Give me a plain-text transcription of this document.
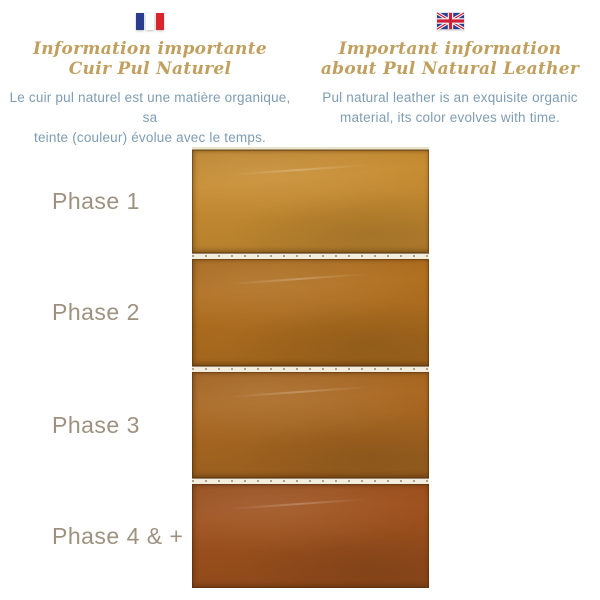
Information importante
Cuir Pul Naturel

Le cuir pul naturel est une matière organique, sa
teinte (couleur) évolue avec le temps.

Important information
about Pul Natural Leather

Pul natural leather is an exquisite organic
material, its color evolves with time.

Phase 1
Phase 2
Phase 3
Phase 4 & +
